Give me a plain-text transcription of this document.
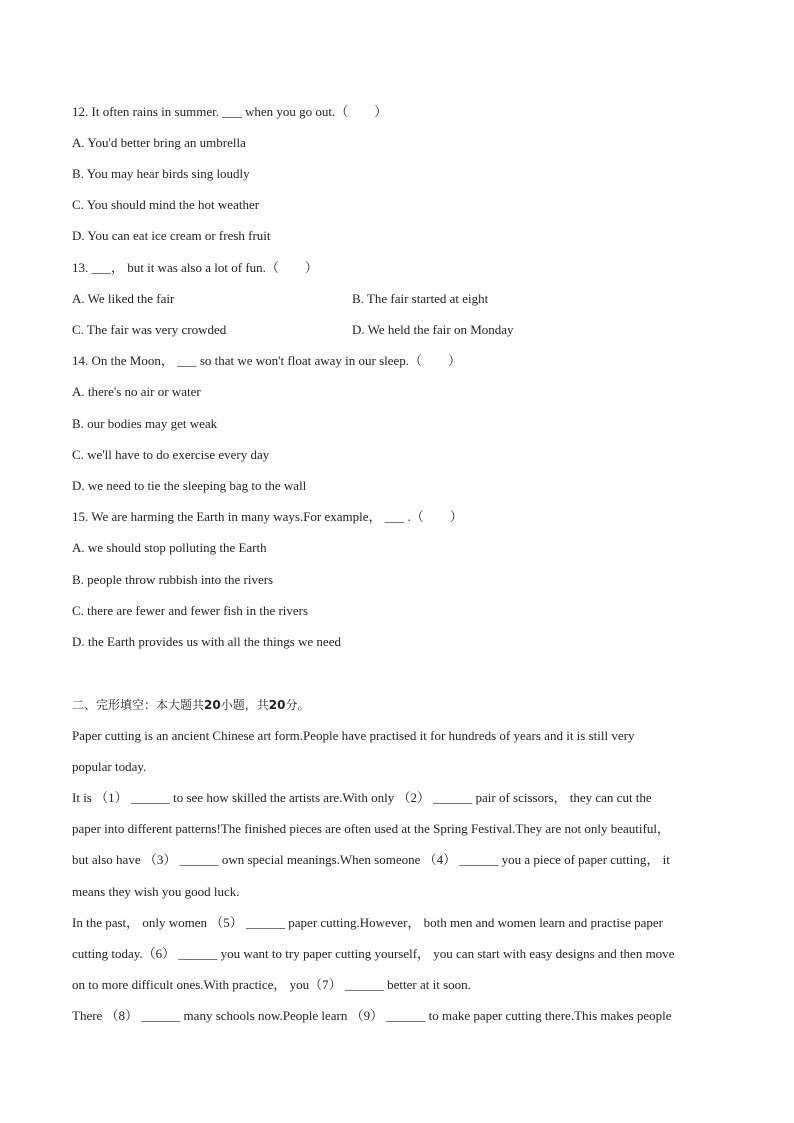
12. It often rains in summer. ___ when you go out.（　　）
A. You'd better bring an umbrella
B. You may hear birds sing loudly
C. You should mind the hot weather
D. You can eat ice cream or fresh fruit
13. ___， but it was also a lot of fun.（　　）
A. We liked the fair	B. The fair started at eight
C. The fair was very crowded	D. We held the fair on Monday
14. On the Moon， ___ so that we won't float away in our sleep.（　　）
A. there's no air or water
B. our bodies may get weak
C. we'll have to do exercise every day
D. we need to tie the sleeping bag to the wall
15. We are harming the Earth in many ways.For example， ___ .（　　）
A. we should stop polluting the Earth
B. people throw rubbish into the rivers
C. there are fewer and fewer fish in the rivers
D. the Earth provides us with all the things we need
二、完形填空：本大题共20小题，共20分。
Paper cutting is an ancient Chinese art form.People have practised it for hundreds of years and it is still very
popular today.
It is （1） ______ to see how skilled the artists are.With only （2） ______ pair of scissors， they can cut the
paper into different patterns!The finished pieces are often used at the Spring Festival.They are not only beautiful，
but also have （3） ______ own special meanings.When someone （4） ______ you a piece of paper cutting， it
means they wish you good luck.
In the past， only women （5） ______ paper cutting.However， both men and women learn and practise paper
cutting today.（6） ______ you want to try paper cutting yourself， you can start with easy designs and then move
on to more difficult ones.With practice， you（7） ______ better at it soon.
There （8） ______ many schools now.People learn （9） ______ to make paper cutting there.This makes people
